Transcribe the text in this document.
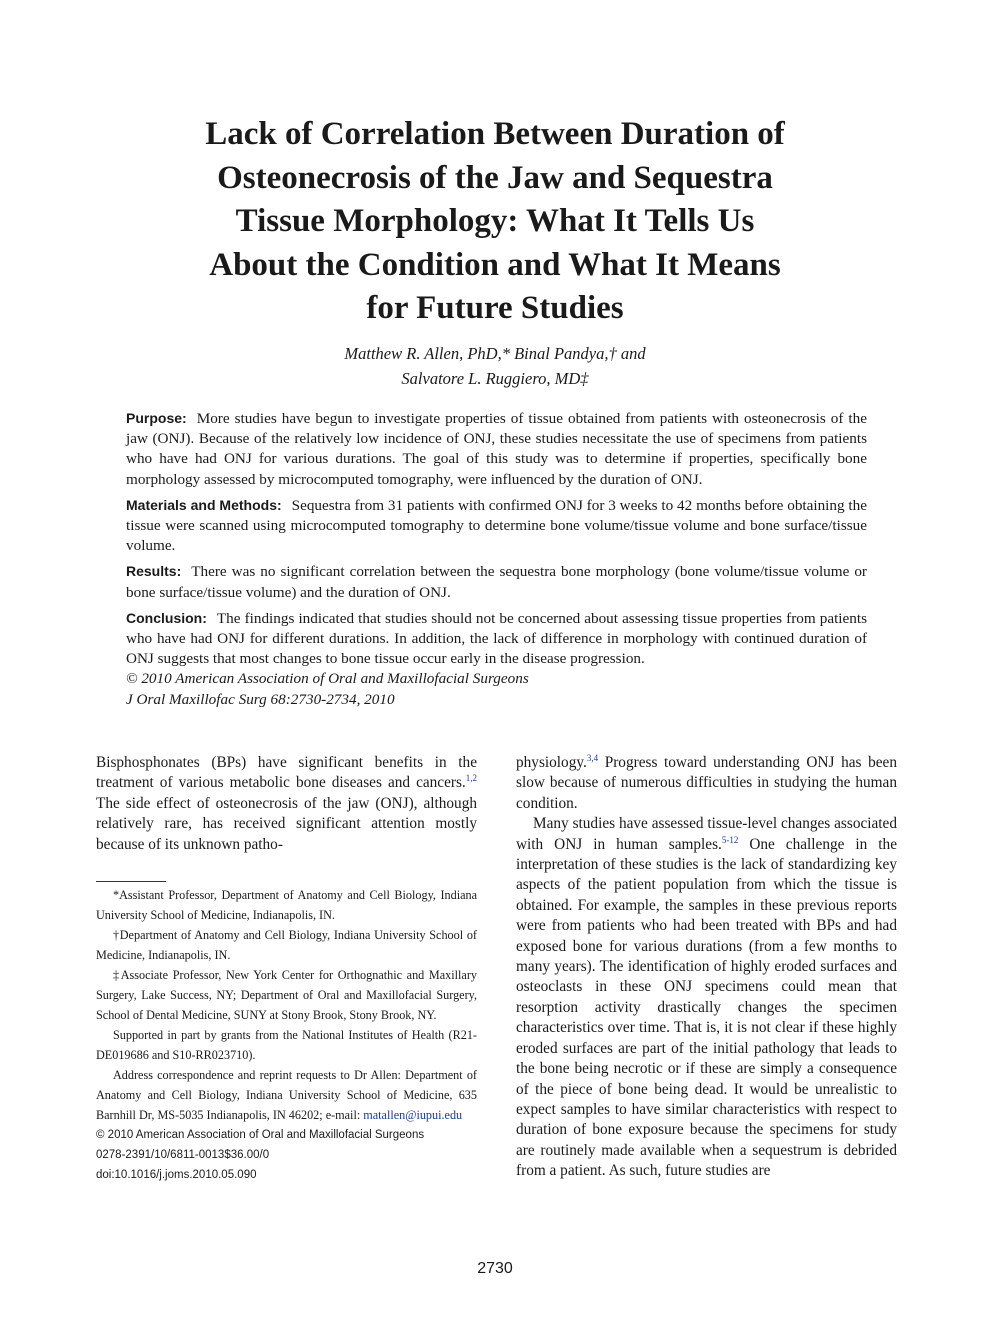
Lack of Correlation Between Duration of
Osteonecrosis of the Jaw and Sequestra
Tissue Morphology: What It Tells Us
About the Condition and What It Means
for Future Studies
Matthew R. Allen, PhD,* Binal Pandya,† and
Salvatore L. Ruggiero, MD‡

Purpose: More studies have begun to investigate properties of tissue obtained from patients with osteonecrosis of the jaw (ONJ). Because of the relatively low incidence of ONJ, these studies necessitate the use of specimens from patients who have had ONJ for various durations. The goal of this study was to determine if properties, specifically bone morphology assessed by microcomputed tomography, were influenced by the duration of ONJ.

Materials and Methods: Sequestra from 31 patients with confirmed ONJ for 3 weeks to 42 months before obtaining the tissue were scanned using microcomputed tomography to determine bone volume/tissue volume and bone surface/tissue volume.

Results: There was no significant correlation between the sequestra bone morphology (bone volume/tissue volume or bone surface/tissue volume) and the duration of ONJ.

Conclusion: The findings indicated that studies should not be concerned about assessing tissue properties from patients who have had ONJ for different durations. In addition, the lack of difference in morphology with continued duration of ONJ suggests that most changes to bone tissue occur early in the disease progression.

© 2010 American Association of Oral and Maxillofacial Surgeons

J Oral Maxillofac Surg 68:2730-2734, 2010

Bisphosphonates (BPs) have significant benefits in the treatment of various metabolic bone diseases and cancers.$^{1,2}$ The side effect of osteonecrosis of the jaw (ONJ), although relatively rare, has received significant attention mostly because of its unknown patho-

*Assistant Professor, Department of Anatomy and Cell Biology, Indiana University School of Medicine, Indianapolis, IN.

†Department of Anatomy and Cell Biology, Indiana University School of Medicine, Indianapolis, IN.

‡Associate Professor, New York Center for Orthognathic and Maxillary Surgery, Lake Success, NY; Department of Oral and Maxillofacial Surgery, School of Dental Medicine, SUNY at Stony Brook, Stony Brook, NY.

Supported in part by grants from the National Institutes of Health (R21-DE019686 and S10-RR023710).

Address correspondence and reprint requests to Dr Allen: Department of Anatomy and Cell Biology, Indiana University School of Medicine, 635 Barnhill Dr, MS-5035 Indianapolis, IN 46202; e-mail: matallen@iupui.edu

© 2010 American Association of Oral and Maxillofacial Surgeons

0278-2391/10/6811-0013$36.00/0

doi:10.1016/j.joms.2010.05.090

physiology.$^{3,4}$ Progress toward understanding ONJ has been slow because of numerous difficulties in studying the human condition.

Many studies have assessed tissue-level changes associated with ONJ in human samples.$^{5-12}$ One challenge in the interpretation of these studies is the lack of standardizing key aspects of the patient population from which the tissue is obtained. For example, the samples in these previous reports were from patients who had been treated with BPs and had exposed bone for various durations (from a few months to many years). The identification of highly eroded surfaces and osteoclasts in these ONJ specimens could mean that resorption activity drastically changes the specimen characteristics over time. That is, it is not clear if these highly eroded surfaces are part of the initial pathology that leads to the bone being necrotic or if these are simply a consequence of the piece of bone being dead. It would be unrealistic to expect samples to have similar characteristics with respect to duration of bone exposure because the specimens for study are routinely made available when a sequestrum is debrided from a patient. As such, future studies are

2730
